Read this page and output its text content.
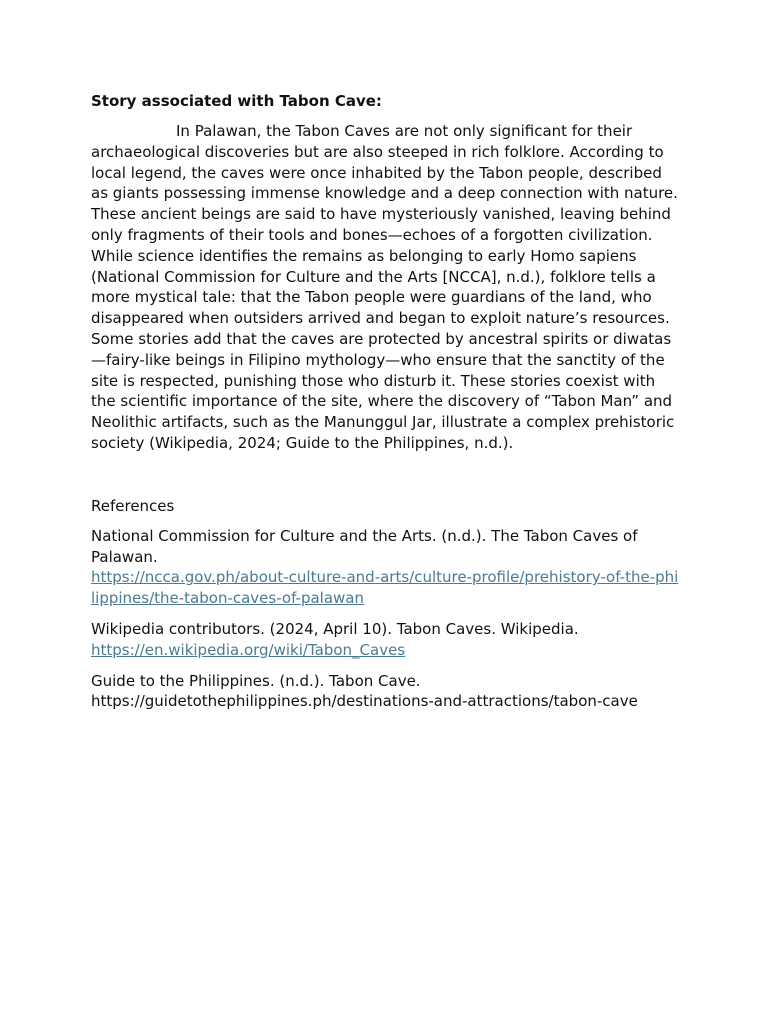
Story associated with Tabon Cave:

In Palawan, the Tabon Caves are not only significant for their archaeological discoveries but are also steeped in rich folklore. According to local legend, the caves were once inhabited by the Tabon people, described as giants possessing immense knowledge and a deep connection with nature. These ancient beings are said to have mysteriously vanished, leaving behind only fragments of their tools and bones—echoes of a forgotten civilization. While science identifies the remains as belonging to early Homo sapiens (National Commission for Culture and the Arts [NCCA], n.d.), folklore tells a more mystical tale: that the Tabon people were guardians of the land, who disappeared when outsiders arrived and began to exploit nature’s resources. Some stories add that the caves are protected by ancestral spirits or diwatas—fairy-like beings in Filipino mythology—who ensure that the sanctity of the site is respected, punishing those who disturb it. These stories coexist with the scientific importance of the site, where the discovery of “Tabon Man” and Neolithic artifacts, such as the Manunggul Jar, illustrate a complex prehistoric society (Wikipedia, 2024; Guide to the Philippines, n.d.).

References
National Commission for Culture and the Arts. (n.d.). The Tabon Caves of Palawan.
https://ncca.gov.ph/about-culture-and-arts/culture-profile/prehistory-of-the-philippines/the-tabon-caves-of-palawan
Wikipedia contributors. (2024, April 10). Tabon Caves. Wikipedia.
https://en.wikipedia.org/wiki/Tabon_Caves
Guide to the Philippines. (n.d.). Tabon Cave.
https://guidetothephilippines.ph/destinations-and-attractions/tabon-cave
